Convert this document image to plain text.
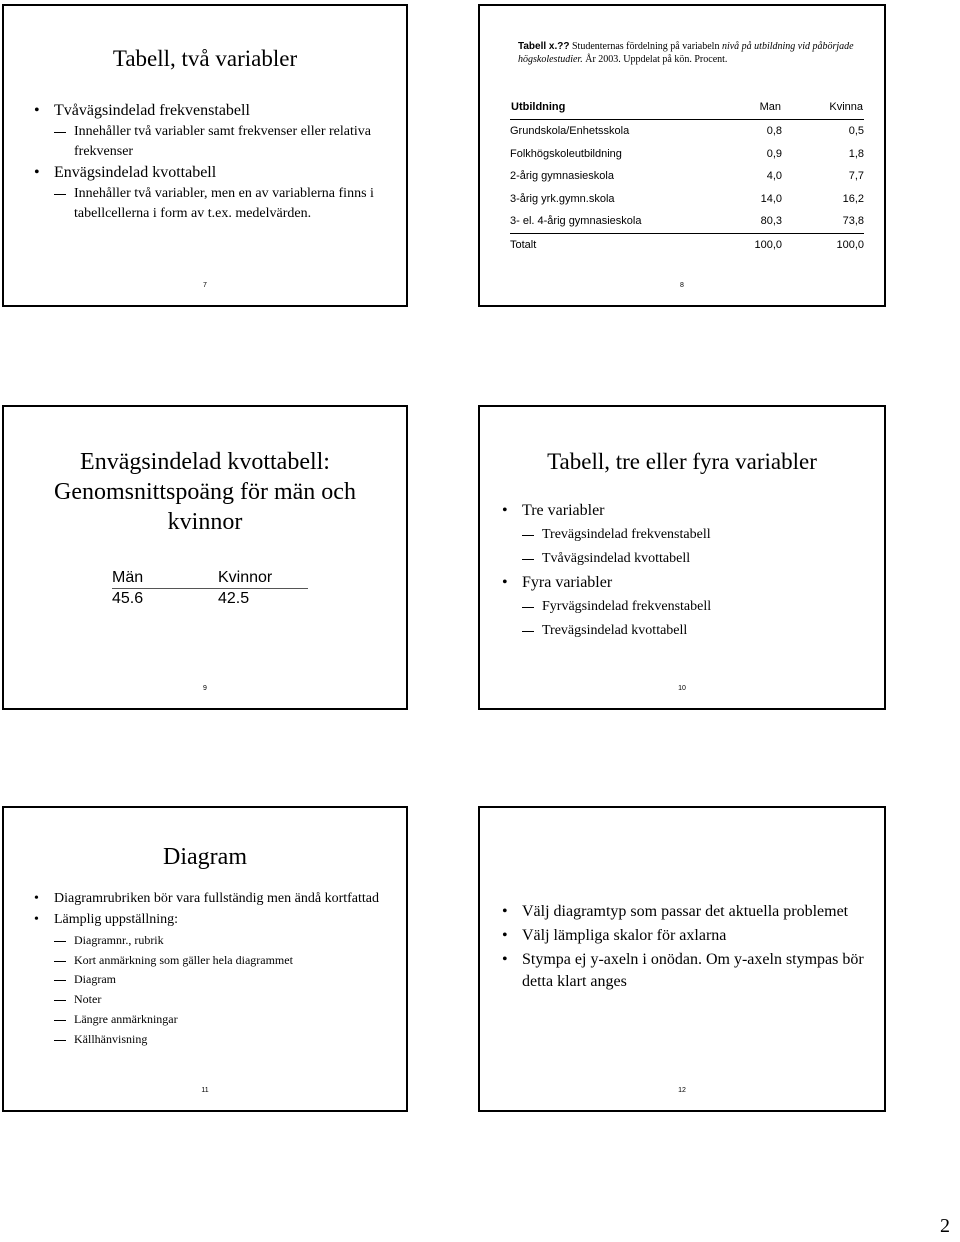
Tabell, två variabler
• Tvåvägsindelad frekvenstabell
Innehåller två variabler samt frekvenser eller relativa frekvenser
• Envägsindelad kvottabell
Innehåller två variabler, men en av variablerna finns i tabellcellerna i form av t.ex. medelvärden.
7
Tabell x.?? Studenternas fördelning på variabeln nivå på utbildning vid påbörjade högskolestudier. År 2003. Uppdelat på kön. Procent.
Utbildning	Man	Kvinna
Grundskola/Enhetsskola	0,8	0,5
Folkhögskoleutbildning	0,9	1,8
2-årig gymnasieskola	4,0	7,7
3-årig yrk.gymn.skola	14,0	16,2
3- el. 4-årig gymnasieskola	80,3	73,8
Totalt	100,0	100,0
8
Envägsindelad kvottabell: Genomsnittspoäng för män och kvinnor
9
Män	Kvinnor
45.6	42.5
Tabell, tre eller fyra variabler
• Tre variabler
Trevägsindelad frekvenstabell
Tvåvägsindelad kvottabell
• Fyra variabler
Fyrvägsindelad frekvenstabell
Trevägsindelad kvottabell
10
Diagram
• Diagramrubriken bör vara fullständig men ändå kortfattad
• Lämplig uppställning:
Diagramnr., rubrik
Kort anmärkning som gäller hela diagrammet
Diagram
Noter
Längre anmärkningar
Källhänvisning
11
• Välj diagramtyp som passar det aktuella problemet
• Välj lämpliga skalor för axlarna
• Stympa ej y-axeln i onödan. Om y-axeln stympas bör detta klart anges
12
2
